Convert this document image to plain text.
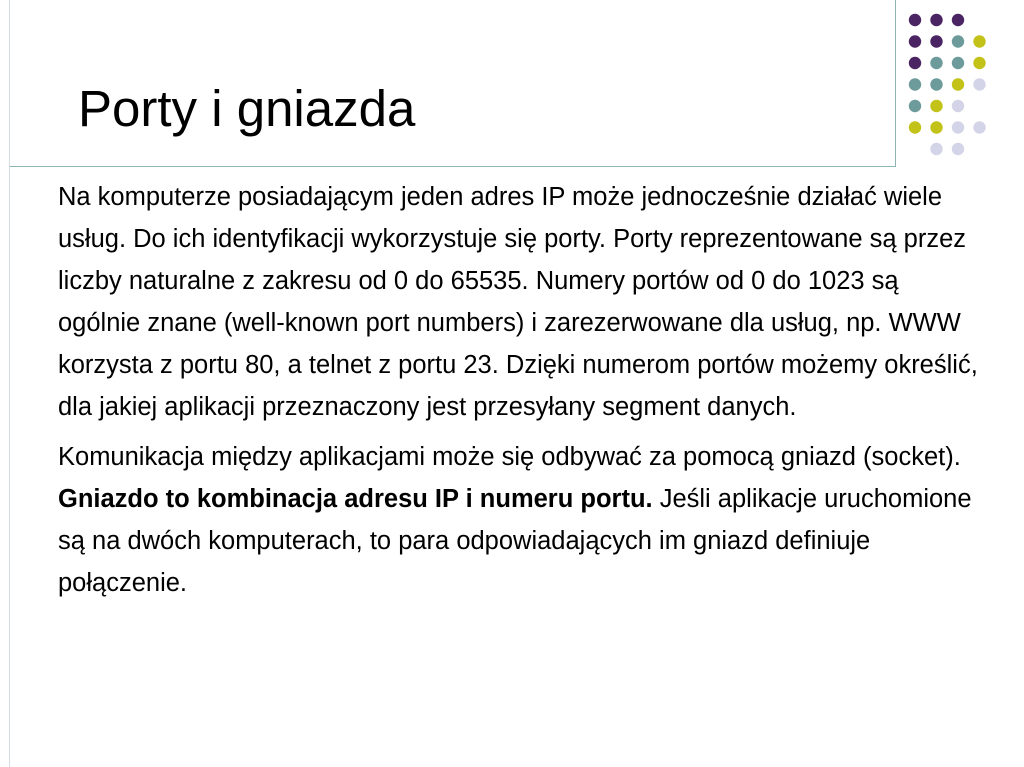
Porty i gniazda

Na komputerze posiadającym jeden adres IP może jednocześnie działać wiele usług. Do ich identyfikacji wykorzystuje się porty. Porty reprezentowane są przez liczby naturalne z zakresu od 0 do 65535. Numery portów od 0 do 1023 są ogólnie znane (well-known port numbers) i zarezerwowane dla usług, np. WWW korzysta z portu 80, a telnet z portu 23. Dzięki numerom portów możemy określić, dla jakiej aplikacji przeznaczony jest przesyłany segment danych.

Komunikacja między aplikacjami może się odbywać za pomocą gniazd (socket). Gniazdo to kombinacja adresu IP i numeru portu. Jeśli aplikacje uruchomione są na dwóch komputerach, to para odpowiadających im gniazd definiuje połączenie.
